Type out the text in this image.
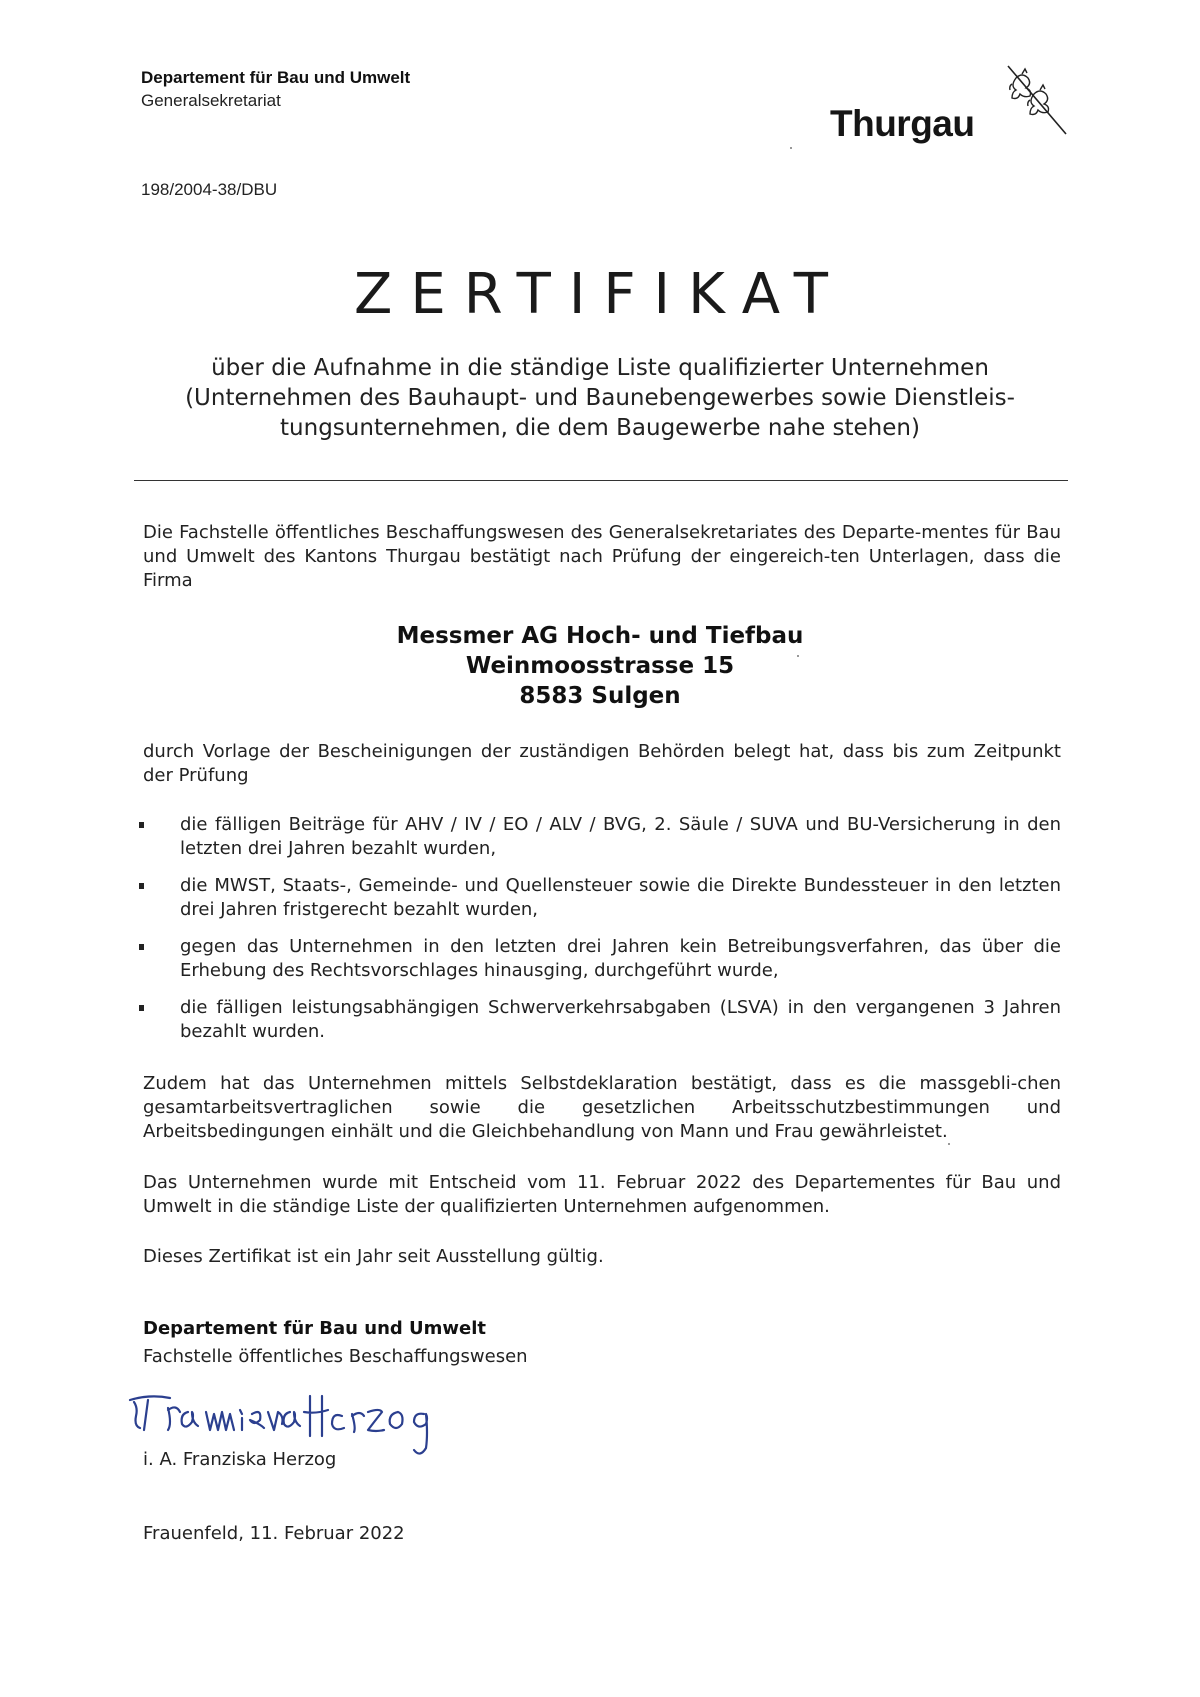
Departement für Bau und Umwelt
Generalsekretariat
Thurgau
198/2004-38/DBU
ZERTIFIKAT
über die Aufnahme in die ständige Liste qualifizierter Unternehmen (Unternehmen des Bauhaupt- und Baunebengewerbes sowie Dienstleis-tungsunternehmen, die dem Baugewerbe nahe stehen)
Die Fachstelle öffentliches Beschaffungswesen des Generalsekretariates des Departe-mentes für Bau und Umwelt des Kantons Thurgau bestätigt nach Prüfung der eingereich-ten Unterlagen, dass die Firma
Messmer AG Hoch- und Tiefbau
Weinmoosstrasse 15
8583 Sulgen
durch Vorlage der Bescheinigungen der zuständigen Behörden belegt hat, dass bis zum Zeitpunkt der Prüfung
die fälligen Beiträge für AHV / IV / EO / ALV / BVG, 2. Säule / SUVA und BU-Versicherung in den letzten drei Jahren bezahlt wurden,
die MWST, Staats-, Gemeinde- und Quellensteuer sowie die Direkte Bundessteuer in den letzten drei Jahren fristgerecht bezahlt wurden,
gegen das Unternehmen in den letzten drei Jahren kein Betreibungsverfahren, das über die Erhebung des Rechtsvorschlages hinausging, durchgeführt wurde,
die fälligen leistungsabhängigen Schwerverkehrsabgaben (LSVA) in den vergangenen 3 Jahren bezahlt wurden.
Zudem hat das Unternehmen mittels Selbstdeklaration bestätigt, dass es die massgebli-chen gesamtarbeitsvertraglichen sowie die gesetzlichen Arbeitsschutzbestimmungen und Arbeitsbedingungen einhält und die Gleichbehandlung von Mann und Frau gewährleistet.
Das Unternehmen wurde mit Entscheid vom 11. Februar 2022 des Departementes für Bau und Umwelt in die ständige Liste der qualifizierten Unternehmen aufgenommen.
Dieses Zertifikat ist ein Jahr seit Ausstellung gültig.
Departement für Bau und Umwelt
Fachstelle öffentliches Beschaffungswesen
i. A. Franziska Herzog
Frauenfeld, 11. Februar 2022
